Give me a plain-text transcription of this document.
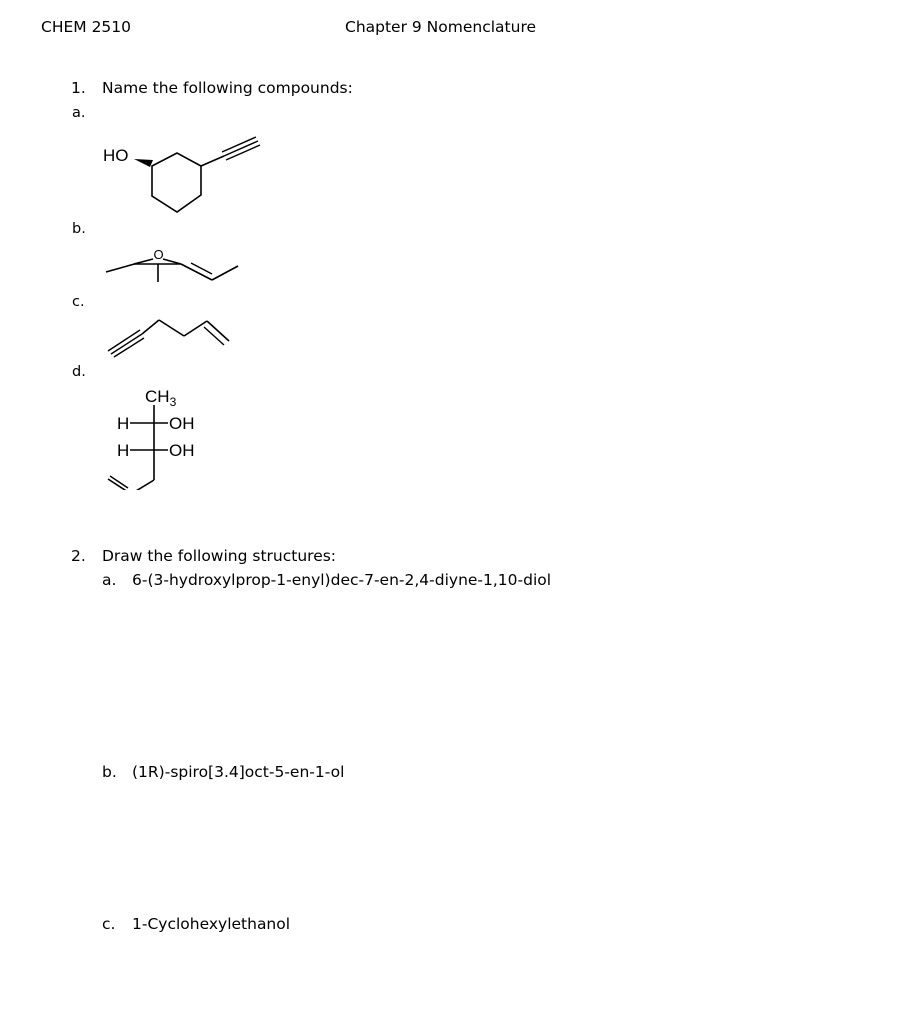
CHEM 2510	Chapter 9 Nomenclature
1. Name the following compounds:
a.
HO
b.
O
c.
d.
$CH_3$
H OH
H OH
2. Draw the following structures:
a. 6-(3-hydroxylprop-1-enyl)dec-7-en-2,4-diyne-1,10-diol
b. (1R)-spiro[3.4]oct-5-en-1-ol
c. 1-Cyclohexylethanol
